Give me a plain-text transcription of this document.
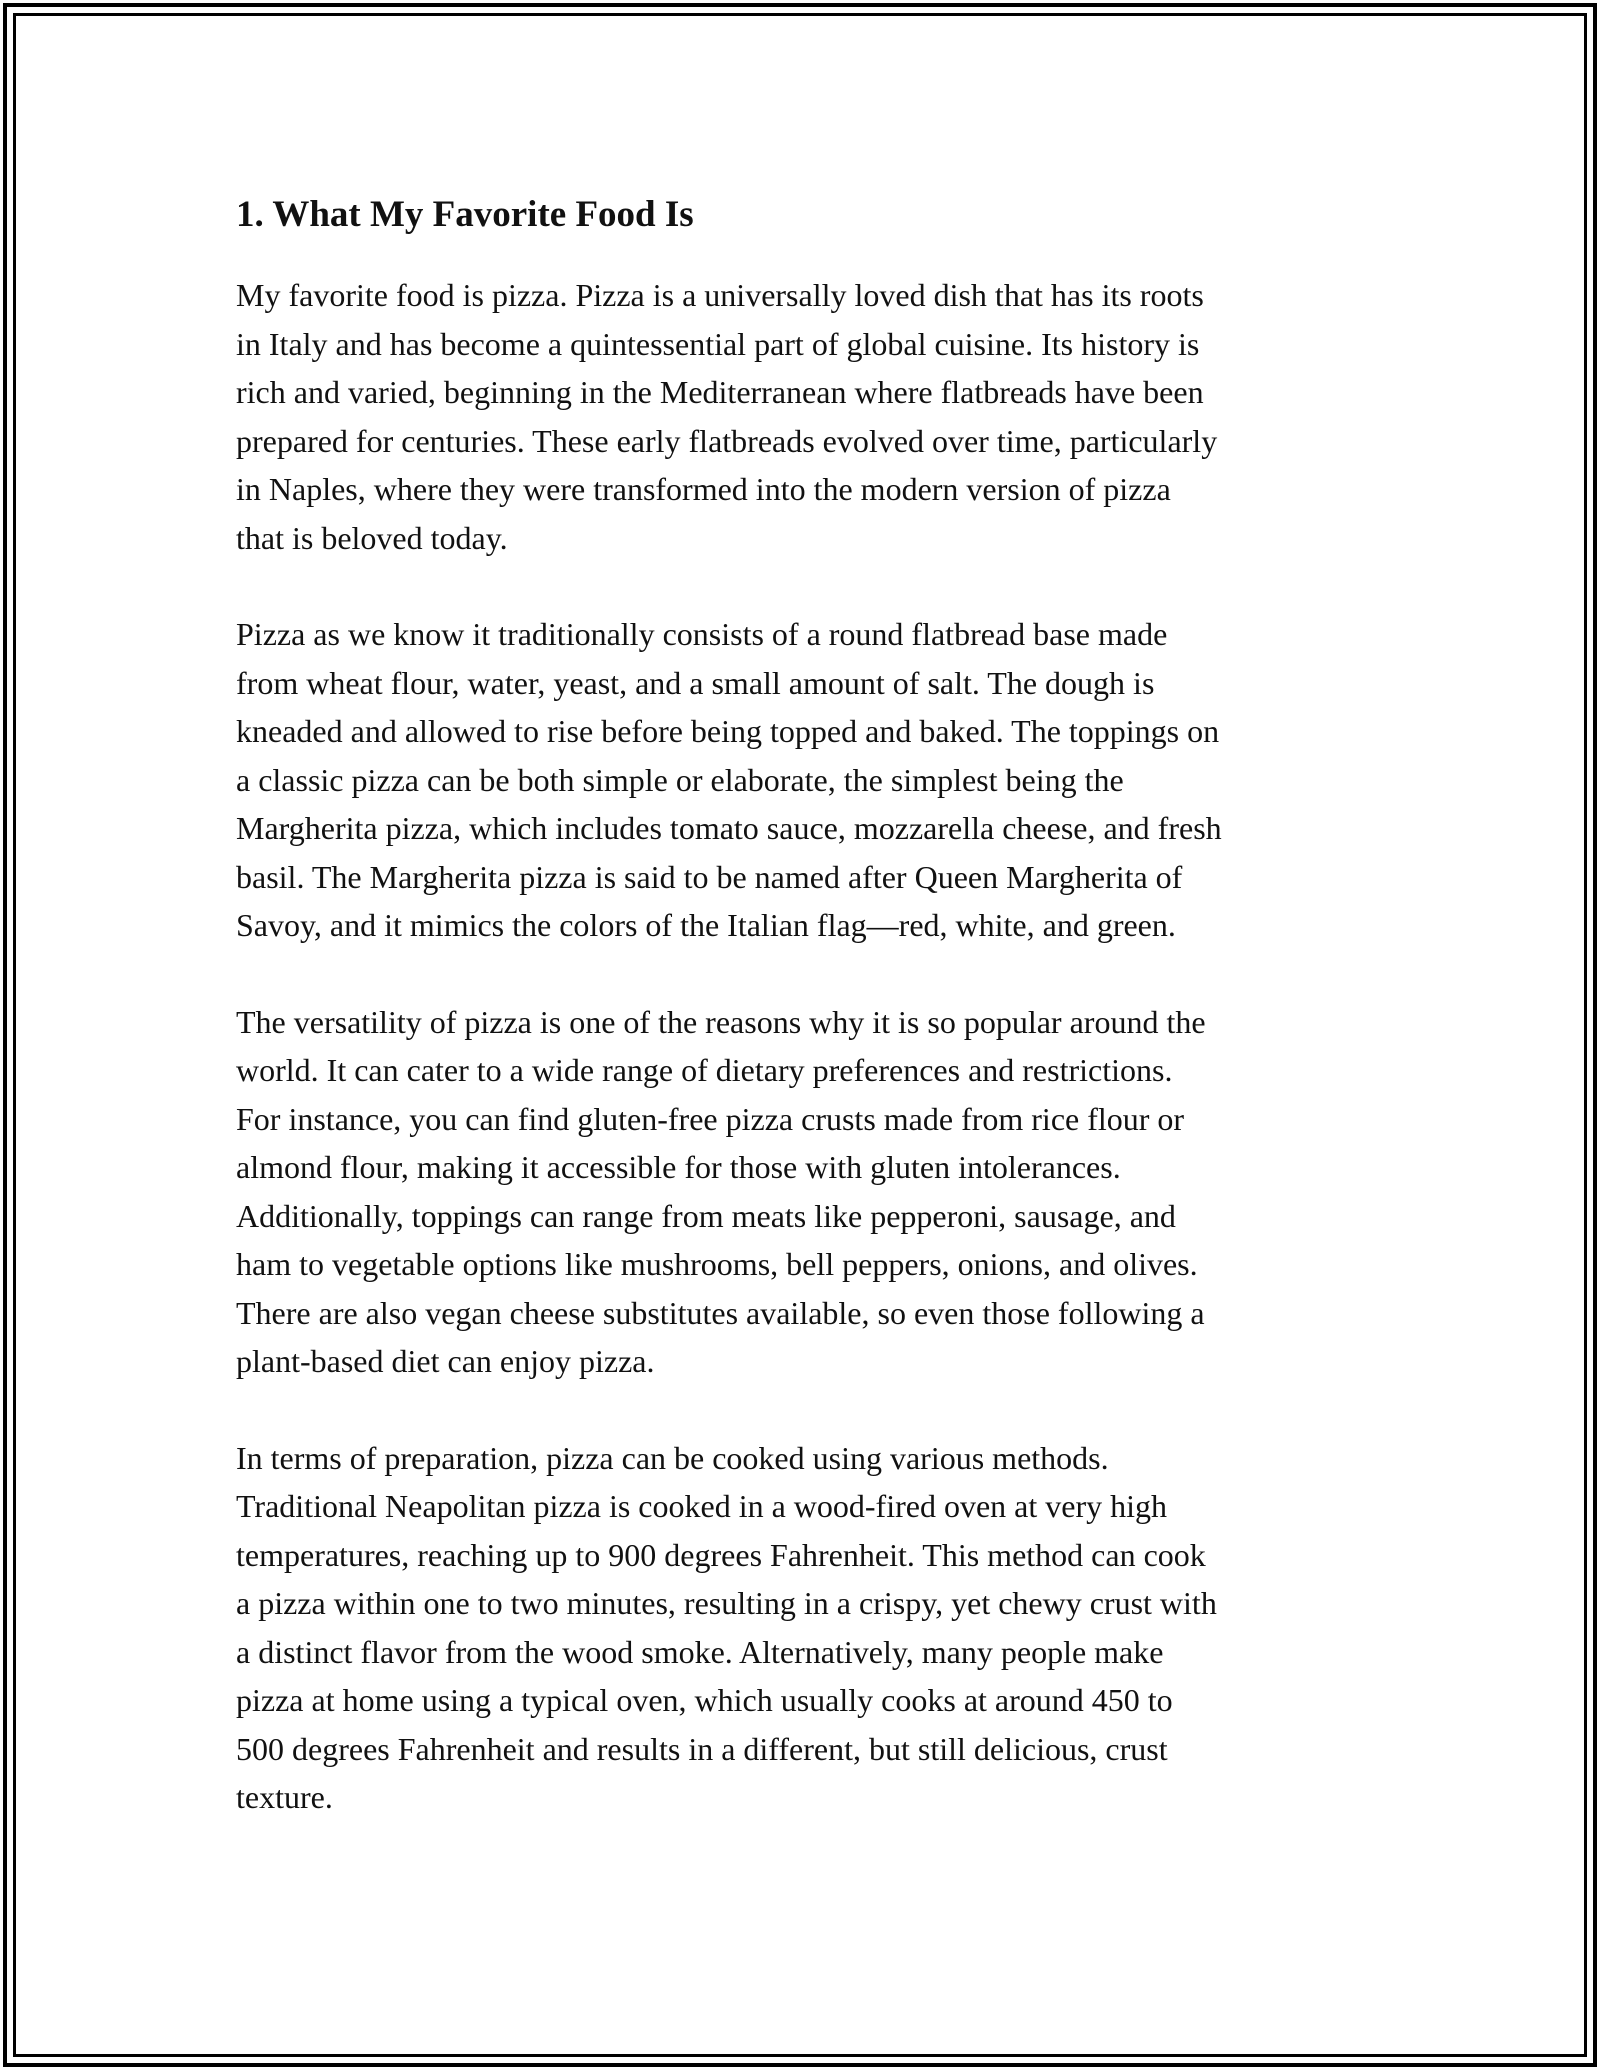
1. What My Favorite Food Is

My favorite food is pizza. Pizza is a universally loved dish that has its roots
in Italy and has become a quintessential part of global cuisine. Its history is
rich and varied, beginning in the Mediterranean where flatbreads have been
prepared for centuries. These early flatbreads evolved over time, particularly
in Naples, where they were transformed into the modern version of pizza
that is beloved today.

Pizza as we know it traditionally consists of a round flatbread base made
from wheat flour, water, yeast, and a small amount of salt. The dough is
kneaded and allowed to rise before being topped and baked. The toppings on
a classic pizza can be both simple or elaborate, the simplest being the
Margherita pizza, which includes tomato sauce, mozzarella cheese, and fresh
basil. The Margherita pizza is said to be named after Queen Margherita of
Savoy, and it mimics the colors of the Italian flag—red, white, and green.

The versatility of pizza is one of the reasons why it is so popular around the
world. It can cater to a wide range of dietary preferences and restrictions.
For instance, you can find gluten-free pizza crusts made from rice flour or
almond flour, making it accessible for those with gluten intolerances.
Additionally, toppings can range from meats like pepperoni, sausage, and
ham to vegetable options like mushrooms, bell peppers, onions, and olives.
There are also vegan cheese substitutes available, so even those following a
plant-based diet can enjoy pizza.

In terms of preparation, pizza can be cooked using various methods.
Traditional Neapolitan pizza is cooked in a wood-fired oven at very high
temperatures, reaching up to 900 degrees Fahrenheit. This method can cook
a pizza within one to two minutes, resulting in a crispy, yet chewy crust with
a distinct flavor from the wood smoke. Alternatively, many people make
pizza at home using a typical oven, which usually cooks at around 450 to
500 degrees Fahrenheit and results in a different, but still delicious, crust
texture.
